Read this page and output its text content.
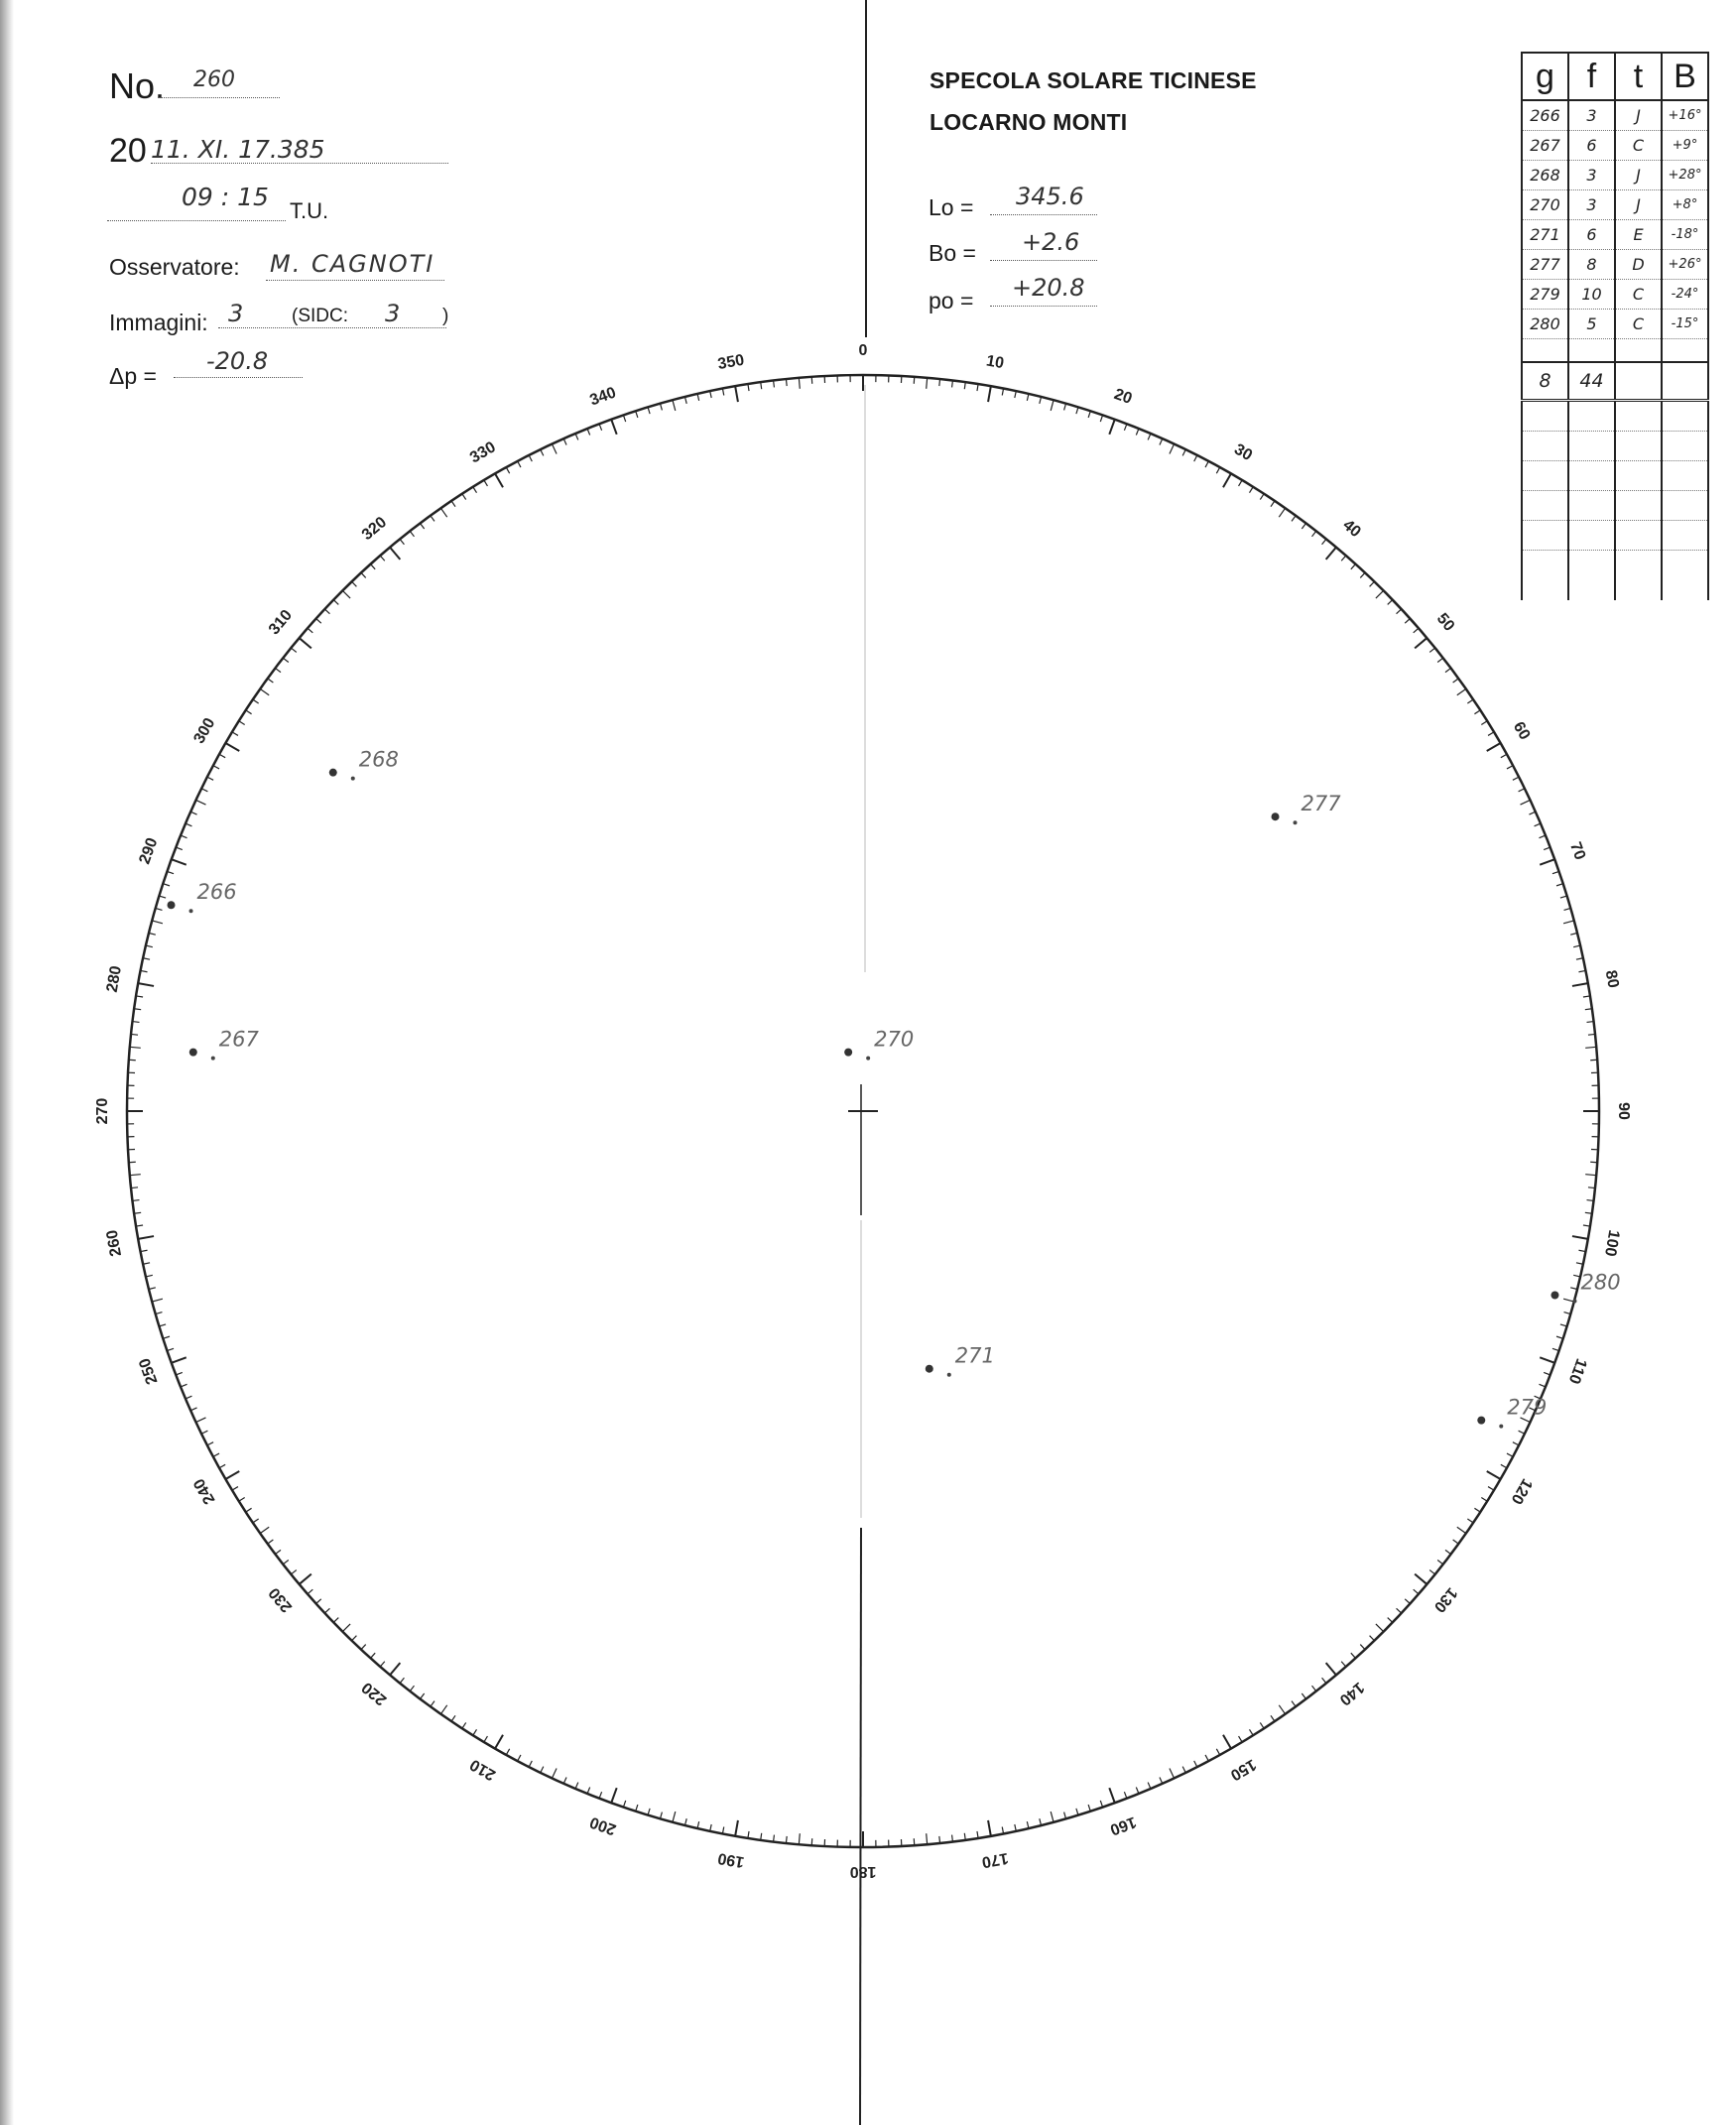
0
10
20
30
40
50
60
70
80
90
100
110
120
130
140
150
160
170
180
190
200
210
220
230
240
250
260
270
280
290
300
310
320
330
340
350
268
266
267
277
270
271
280
279
No. 260
20 11. XI. 17.385
09 : 15 T.U.
Osservatore: M. CAGNOTI
Immagini: 3	(SIDC: 3 )
Δp =
-20.8
SPECOLA SOLARE TICINESE
LOCARNO MONTI
Lo = 345.6
Bo = +2.6
po = +20.8
g	f	t	B
266	3	J	+16°
267	6	C	+9°
268	3	J	+28°
270	3	J	+8°
271	6	E	-18°
277	8	D	+26°
279	10	C	-24°
280	5	C	-15°

8	44		
